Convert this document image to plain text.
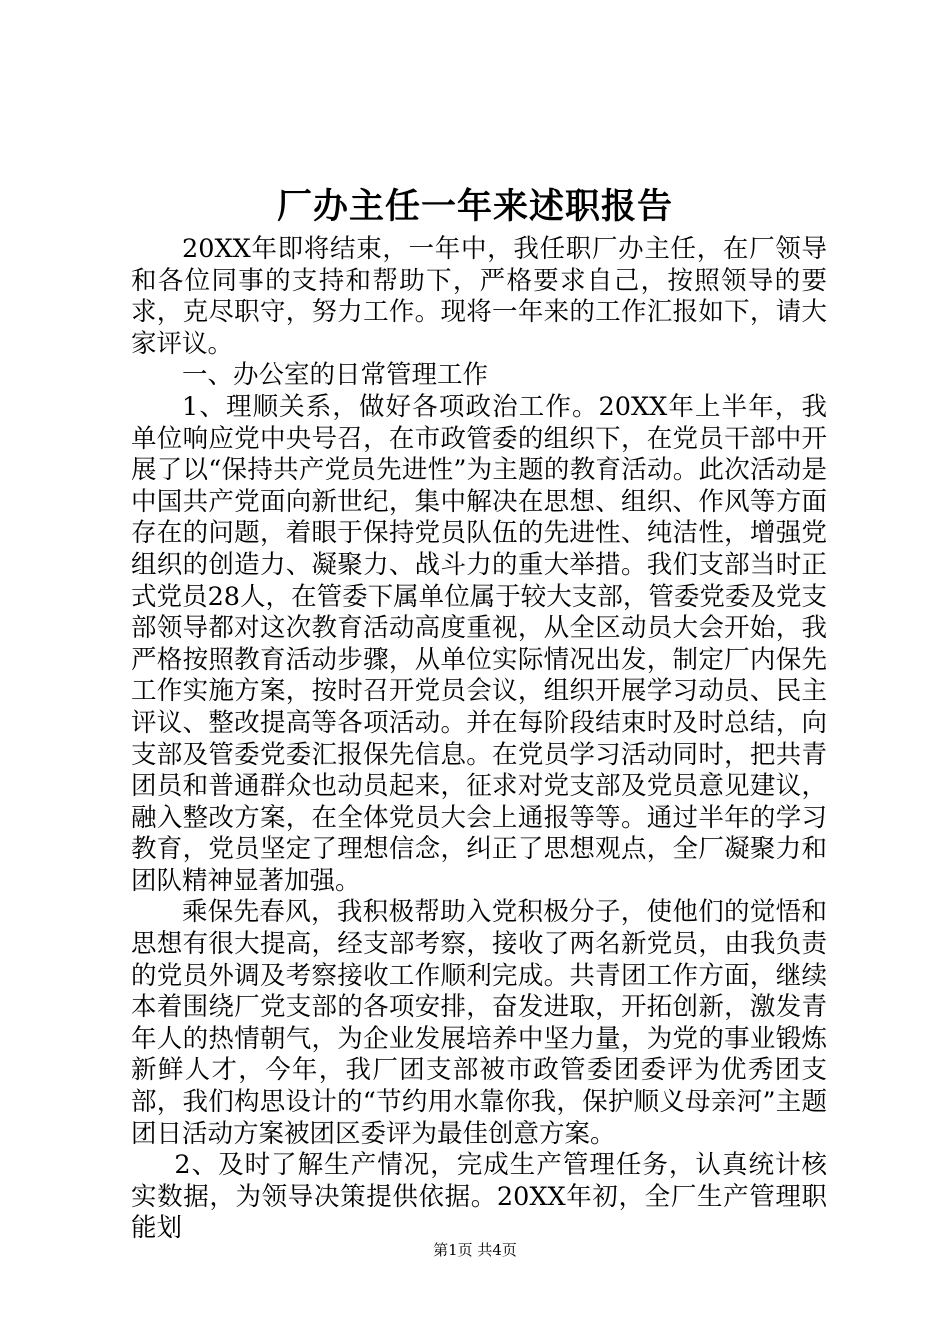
厂办主任一年来述职报告

20XX年即将结束，一年中，我任职厂办主任，在厂领导和各位同事的支持和帮助下，严格要求自己，按照领导的要求，克尽职守，努力工作。现将一年来的工作汇报如下，请大家评议。

一、办公室的日常管理工作

1、理顺关系，做好各项政治工作。20XX年上半年，我单位响应党中央号召，在市政管委的组织下，在党员干部中开展了以“保持共产党员先进性”为主题的教育活动。此次活动是中国共产党面向新世纪，集中解决在思想、组织、作风等方面存在的问题，着眼于保持党员队伍的先进性、纯洁性，增强党组织的创造力、凝聚力、战斗力的重大举措。我们支部当时正式党员28人，在管委下属单位属于较大支部，管委党委及党支部领导都对这次教育活动高度重视，从全区动员大会开始，我严格按照教育活动步骤，从单位实际情况出发，制定厂内保先工作实施方案，按时召开党员会议，组织开展学习动员、民主评议、整改提高等各项活动。并在每阶段结束时及时总结，向支部及管委党委汇报保先信息。在党员学习活动同时，把共青团员和普通群众也动员起来，征求对党支部及党员意见建议，融入整改方案，在全体党员大会上通报等等。通过半年的学习教育，党员坚定了理想信念，纠正了思想观点，全厂凝聚力和团队精神显著加强。

乘保先春风，我积极帮助入党积极分子，使他们的觉悟和思想有很大提高，经支部考察，接收了两名新党员，由我负责的党员外调及考察接收工作顺利完成。共青团工作方面，继续本着围绕厂党支部的各项安排，奋发进取，开拓创新，激发青年人的热情朝气，为企业发展培养中坚力量，为党的事业锻炼新鲜人才，今年，我厂团支部被市政管委团委评为优秀团支部，我们构思设计的“节约用水靠你我，保护顺义母亲河”主题团日活动方案被团区委评为最佳创意方案。

2、及时了解生产情况，完成生产管理任务，认真统计核实数据，为领导决策提供依据。20XX年初，全厂生产管理职能划

第1页 共4页
